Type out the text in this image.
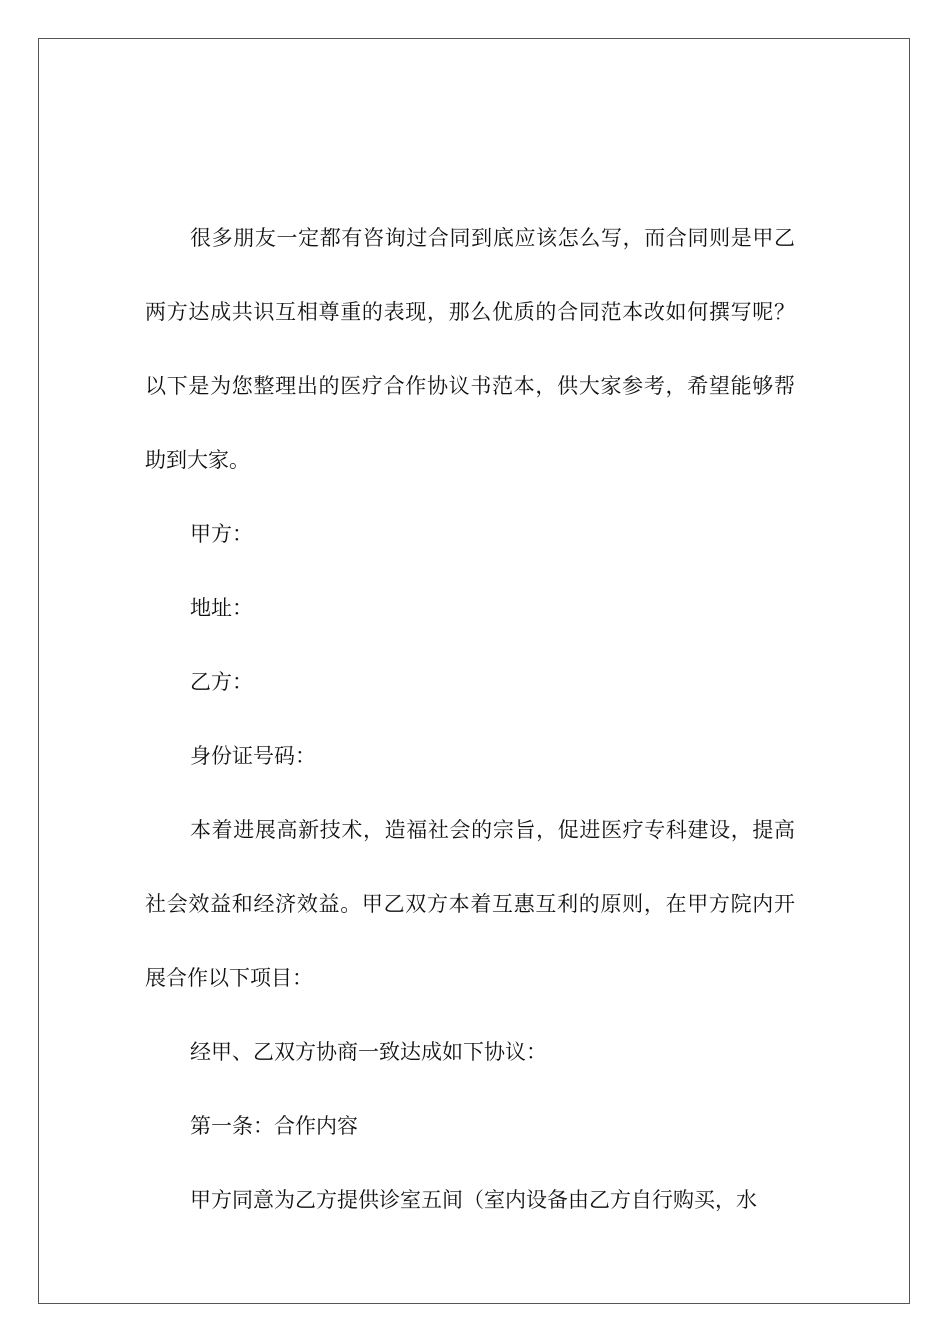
很多朋友一定都有咨询过合同到底应该怎么写，而合同则是甲乙两方达成共识互相尊重的表现，那么优质的合同范本改如何撰写呢？以下是为您整理出的医疗合作协议书范本，供大家参考，希望能够帮助到大家。

甲方：

地址：

乙方：

身份证号码：

本着进展高新技术，造福社会的宗旨，促进医疗专科建设，提高社会效益和经济效益。甲乙双方本着互惠互利的原则，在甲方院内开展合作以下项目：

经甲、乙双方协商一致达成如下协议：

第一条：合作内容

甲方同意为乙方提供诊室五间（室内设备由乙方自行购买，水
